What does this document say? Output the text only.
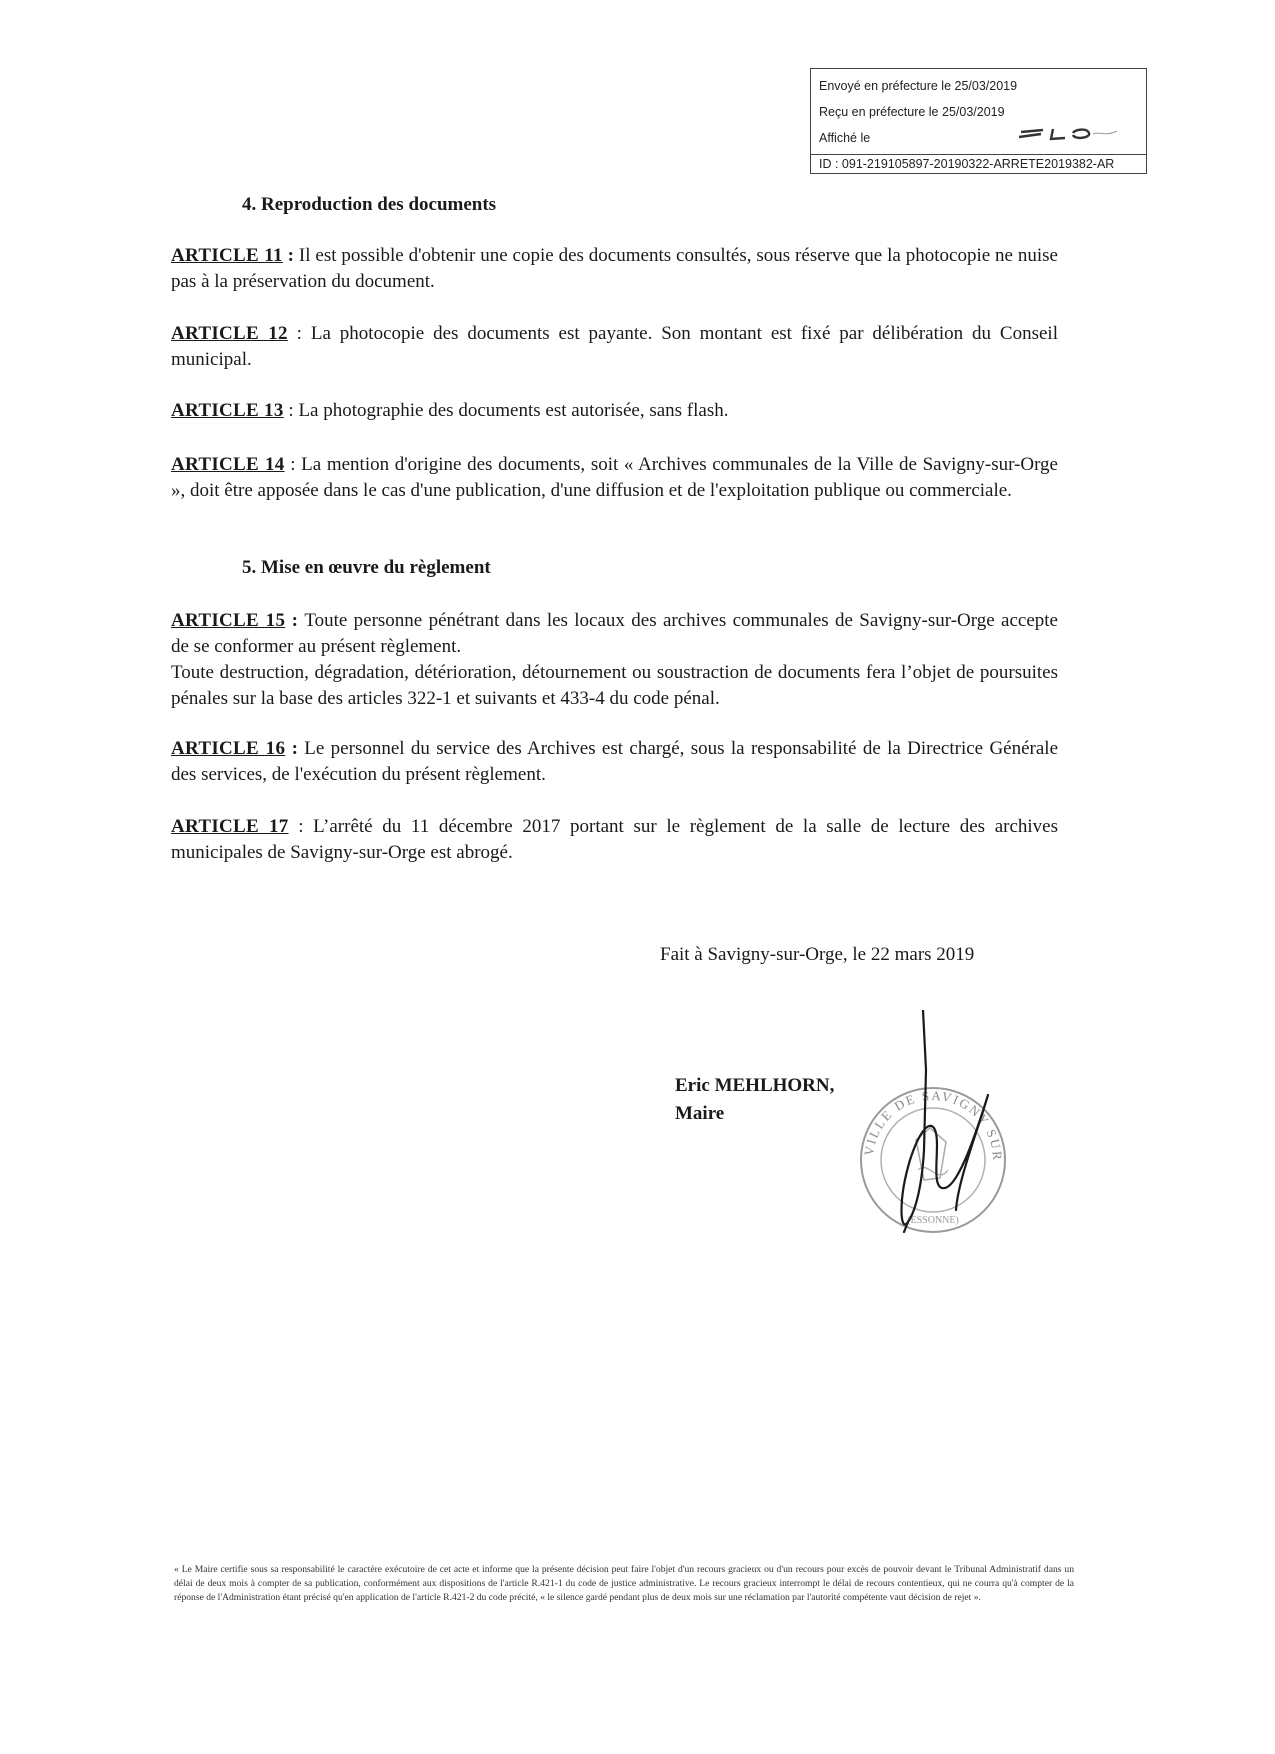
Envoyé en préfecture le 25/03/2019
Reçu en préfecture le 25/03/2019
Affiché le
ID : 091-219105897-20190322-ARRETE2019382-AR
4. Reproduction des documents
ARTICLE 11 : Il est possible d'obtenir une copie des documents consultés, sous réserve que la photocopie ne nuise pas à la préservation du document.
ARTICLE 12 : La photocopie des documents est payante. Son montant est fixé par délibération du Conseil municipal.
ARTICLE 13 : La photographie des documents est autorisée, sans flash.
ARTICLE 14 : La mention d'origine des documents, soit « Archives communales de la Ville de Savigny-sur-Orge », doit être apposée dans le cas d'une publication, d'une diffusion et de l'exploitation publique ou commerciale.
5. Mise en œuvre du règlement
ARTICLE 15 : Toute personne pénétrant dans les locaux des archives communales de Savigny-sur-Orge accepte de se conformer au présent règlement.
Toute destruction, dégradation, détérioration, détournement ou soustraction de documents fera l’objet de poursuites pénales sur la base des articles 322-1 et suivants et 433-4 du code pénal.
ARTICLE 16 : Le personnel du service des Archives est chargé, sous la responsabilité de la Directrice Générale des services, de l'exécution du présent règlement.
ARTICLE 17 : L’arrêté du 11 décembre 2017 portant sur le règlement de la salle de lecture des archives municipales de Savigny-sur-Orge est abrogé.
Fait à Savigny-sur-Orge, le 22 mars 2019
Eric MEHLHORN,
Maire
VILLE DE SAVIGNY SUR
(ESSONNE)
« Le Maire certifie sous sa responsabilité le caractère exécutoire de cet acte et informe que la présente décision peut faire l'objet d'un recours gracieux ou d'un recours pour excès de pouvoir devant le Tribunal Administratif dans un délai de deux mois à compter de sa publication, conformément aux dispositions de l'article R.421-1 du code de justice administrative. Le recours gracieux interrompt le délai de recours contentieux, qui ne courra qu'à compter de la réponse de l'Administration étant précisé qu'en application de l'article R.421-2 du code précité, « le silence gardé pendant plus de deux mois sur une réclamation par l'autorité compétente vaut décision de rejet ».
